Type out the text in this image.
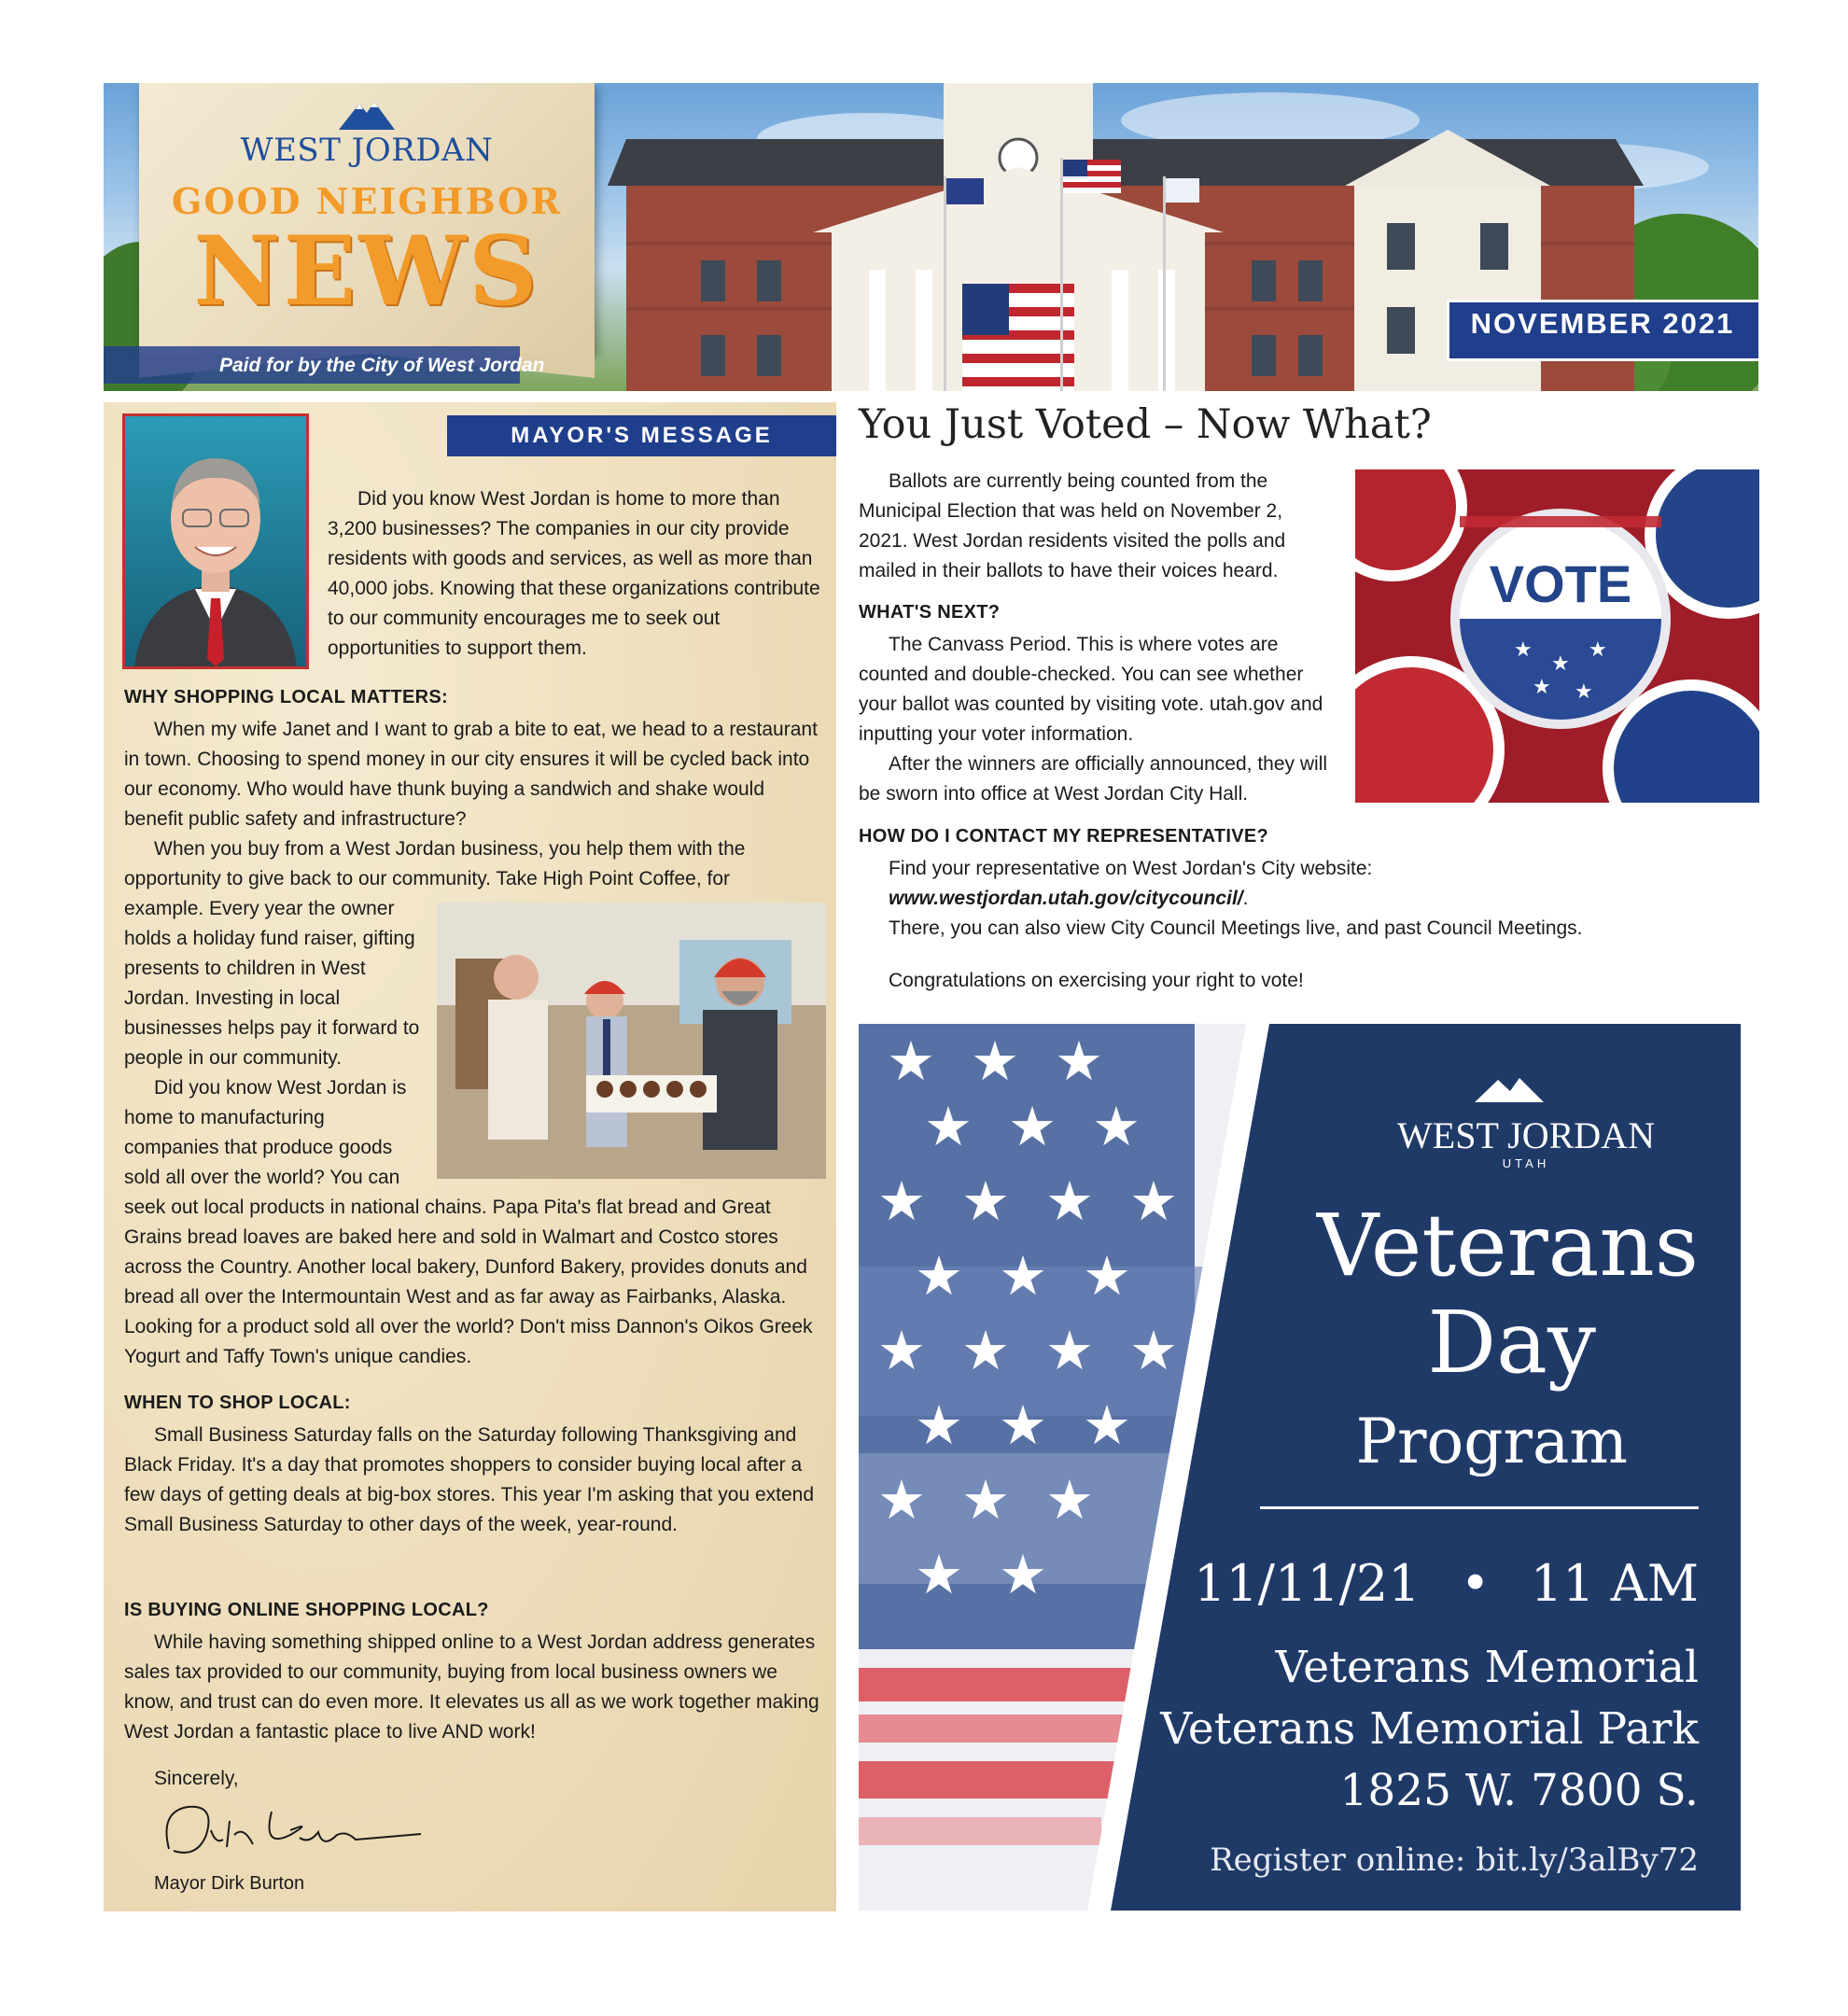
WEST JORDAN
GOOD NEIGHBOR
NEWS
Paid for by the City of West Jordan
NOVEMBER 2021
MAYOR'S MESSAGE

Did you know West Jordan is home to more than 3,200 businesses? The companies in our city provide residents with goods and services, as well as more than 40,000 jobs. Knowing that these organizations contribute to our community encourages me to seek out opportunities to support them.

WHY SHOPPING LOCAL MATTERS:

When my wife Janet and I want to grab a bite to eat, we head to a restaurant in town. Choosing to spend money in our city ensures it will be cycled back into our economy. Who would have thunk buying a sandwich and shake would benefit public safety and infrastructure?

When you buy from a West Jordan business, you help them with the opportunity to give back to our community. Take High Point Coffee, for

example. Every year the owner holds a holiday fund raiser, gifting presents to children in West Jordan. Investing in local businesses helps pay it forward to people in our community.

Did you know West Jordan is home to manufacturing companies that produce goods sold all over the world? You can

seek out local products in national chains. Papa Pita's flat bread and Great Grains bread loaves are baked here and sold in Walmart and Costco stores across the Country. Another local bakery, Dunford Bakery, provides donuts and bread all over the Intermountain West and as far away as Fairbanks, Alaska. Looking for a product sold all over the world? Don't miss Dannon's Oikos Greek Yogurt and Taffy Town's unique candies.

WHEN TO SHOP LOCAL:

Small Business Saturday falls on the Saturday following Thanksgiving and Black Friday. It's a day that promotes shoppers to consider buying local after a few days of getting deals at big-box stores. This year I'm asking that you extend Small Business Saturday to other days of the week, year-round.

IS BUYING ONLINE SHOPPING LOCAL?

While having something shipped online to a West Jordan address generates sales tax provided to our community, buying from local business owners we know, and trust can do even more. It elevates us all as we work together making West Jordan a fantastic place to live AND work!

Sincerely,
Mayor Dirk Burton
You Just Voted – Now What?

Ballots are currently being counted from the Municipal Election that was held on November 2, 2021. West Jordan residents visited the polls and mailed in their ballots to have their voices heard.	VOTE
★
★
★
★ ★
WHAT'S NEXT?

The Canvass Period. This is where votes are counted and double-checked. You can see whether your ballot was counted by visiting vote. utah.gov and inputting your voter information.

After the winners are officially announced, they will be sworn into office at West Jordan City Hall.

HOW DO I CONTACT MY REPRESENTATIVE?

Find your representative on West Jordan's City website:

www.westjordan.utah.gov/citycouncil/.

There, you can also view City Council Meetings live, and past Council Meetings.

Congratulations on exercising your right to vote!

★ ★ ★
★ ★ ★
★ ★ ★ ★
★ ★ ★
★ ★ ★ ★
★ ★ ★
★ ★ ★
★ ★
WEST JORDAN
UTAH
Veterans
Day
Program
11/11/21 • 11 AM
Veterans Memorial
Veterans Memorial Park
1825 W. 7800 S.
Register online: bit.ly/3alBy72
